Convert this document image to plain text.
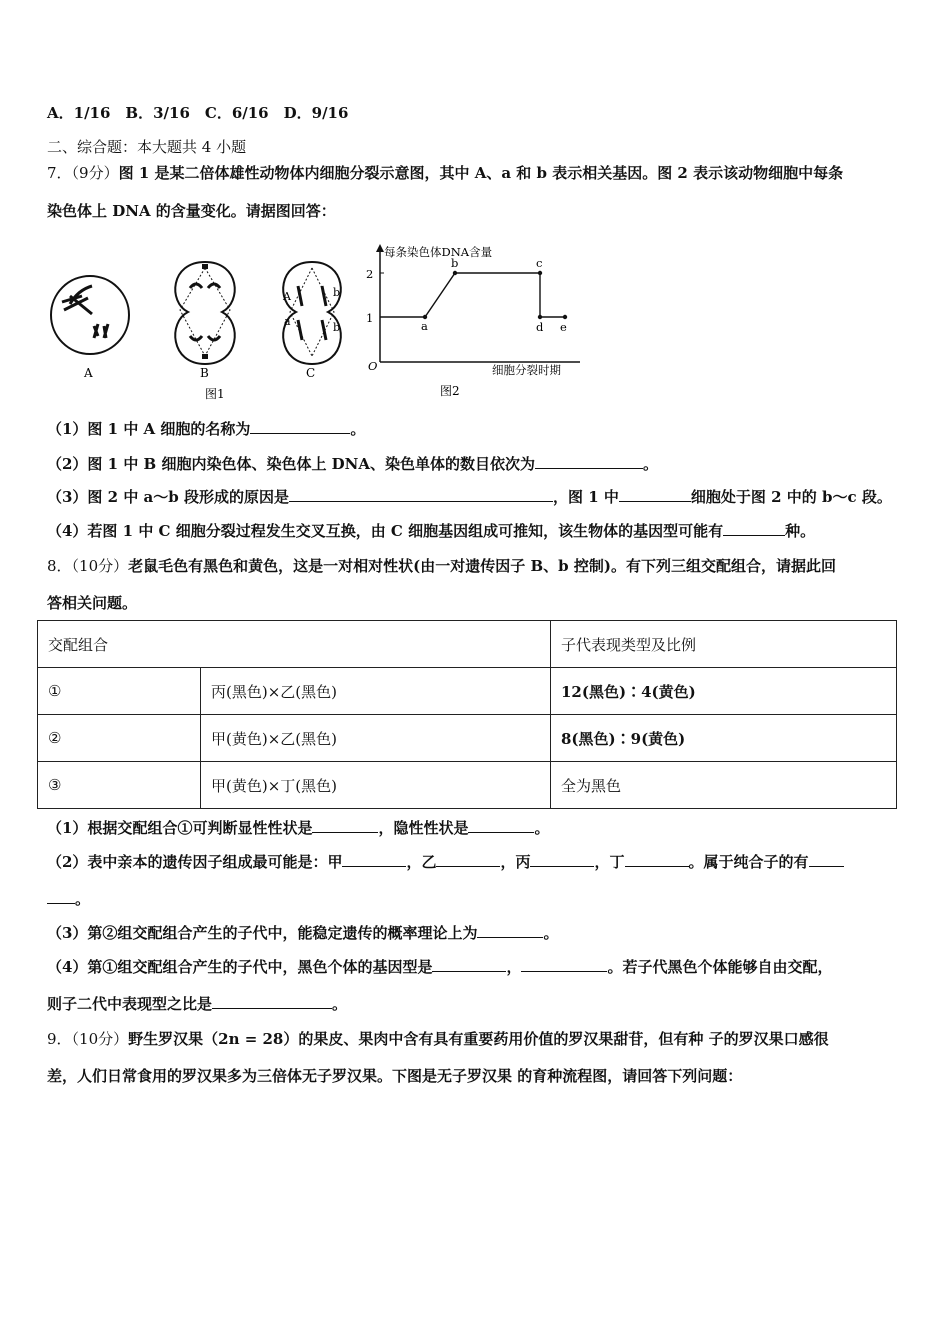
A．1/16　B．3/16　C．6/16　D．9/16
二、综合题：本大题共 4 小题
7．（9分）图 1 是某二倍体雄性动物体内细胞分裂示意图，其中 A、a 和 b 表示相关基因。图 2 表示该动物细胞中每条
染色体上 DNA 的含量变化。请据图回答：
A	B
图1
A	b
a	b
C
每条染色体DNA含量
细胞分裂时期
O
1
2
a
b	c
d e
图2
（1）图 1 中 A 细胞的名称为	。
（2）图 1 中 B 细胞内染色体、染色体上 DNA、染色单体的数目依次为	。
（3）图 2 中 a～b 段形成的原因是	，图 1 中	细胞处于图 2 中的 b～c 段。
（4）若图 1 中 C 细胞分裂过程发生交叉互换，由 C 细胞基因组成可推知，该生物体的基因型可能有	种。
8．（10分）老鼠毛色有黑色和黄色，这是一对相对性状(由一对遗传因子 B、b 控制)。有下列三组交配组合，请据此回
答相关问题。
交配组合		子代表现类型及比例
①	丙(黑色)×乙(黑色)	12(黑色)∶4(黄色)
②	甲(黄色)×乙(黑色)	8(黑色)∶9(黄色)
③	甲(黄色)×丁(黑色)	全为黑色
（1）根据交配组合①可判断显性性状是	，隐性性状是	。
（2）表中亲本的遗传因子组成最可能是：甲	，乙	，丙	，丁	。属于纯合子的有
。
（3）第②组交配组合产生的子代中，能稳定遗传的概率理论上为	。
（4）第①组交配组合产生的子代中，黑色个体的基因型是	，	。若子代黑色个体能够自由交配，
则子二代中表现型之比是	。
9．（10分）野生罗汉果（2n = 28）的果皮、果肉中含有具有重要药用价值的罗汉果甜苷，但有种 子的罗汉果口感很
差，人们日常食用的罗汉果多为三倍体无子罗汉果。下图是无子罗汉果 的育种流程图，请回答下列问题：
